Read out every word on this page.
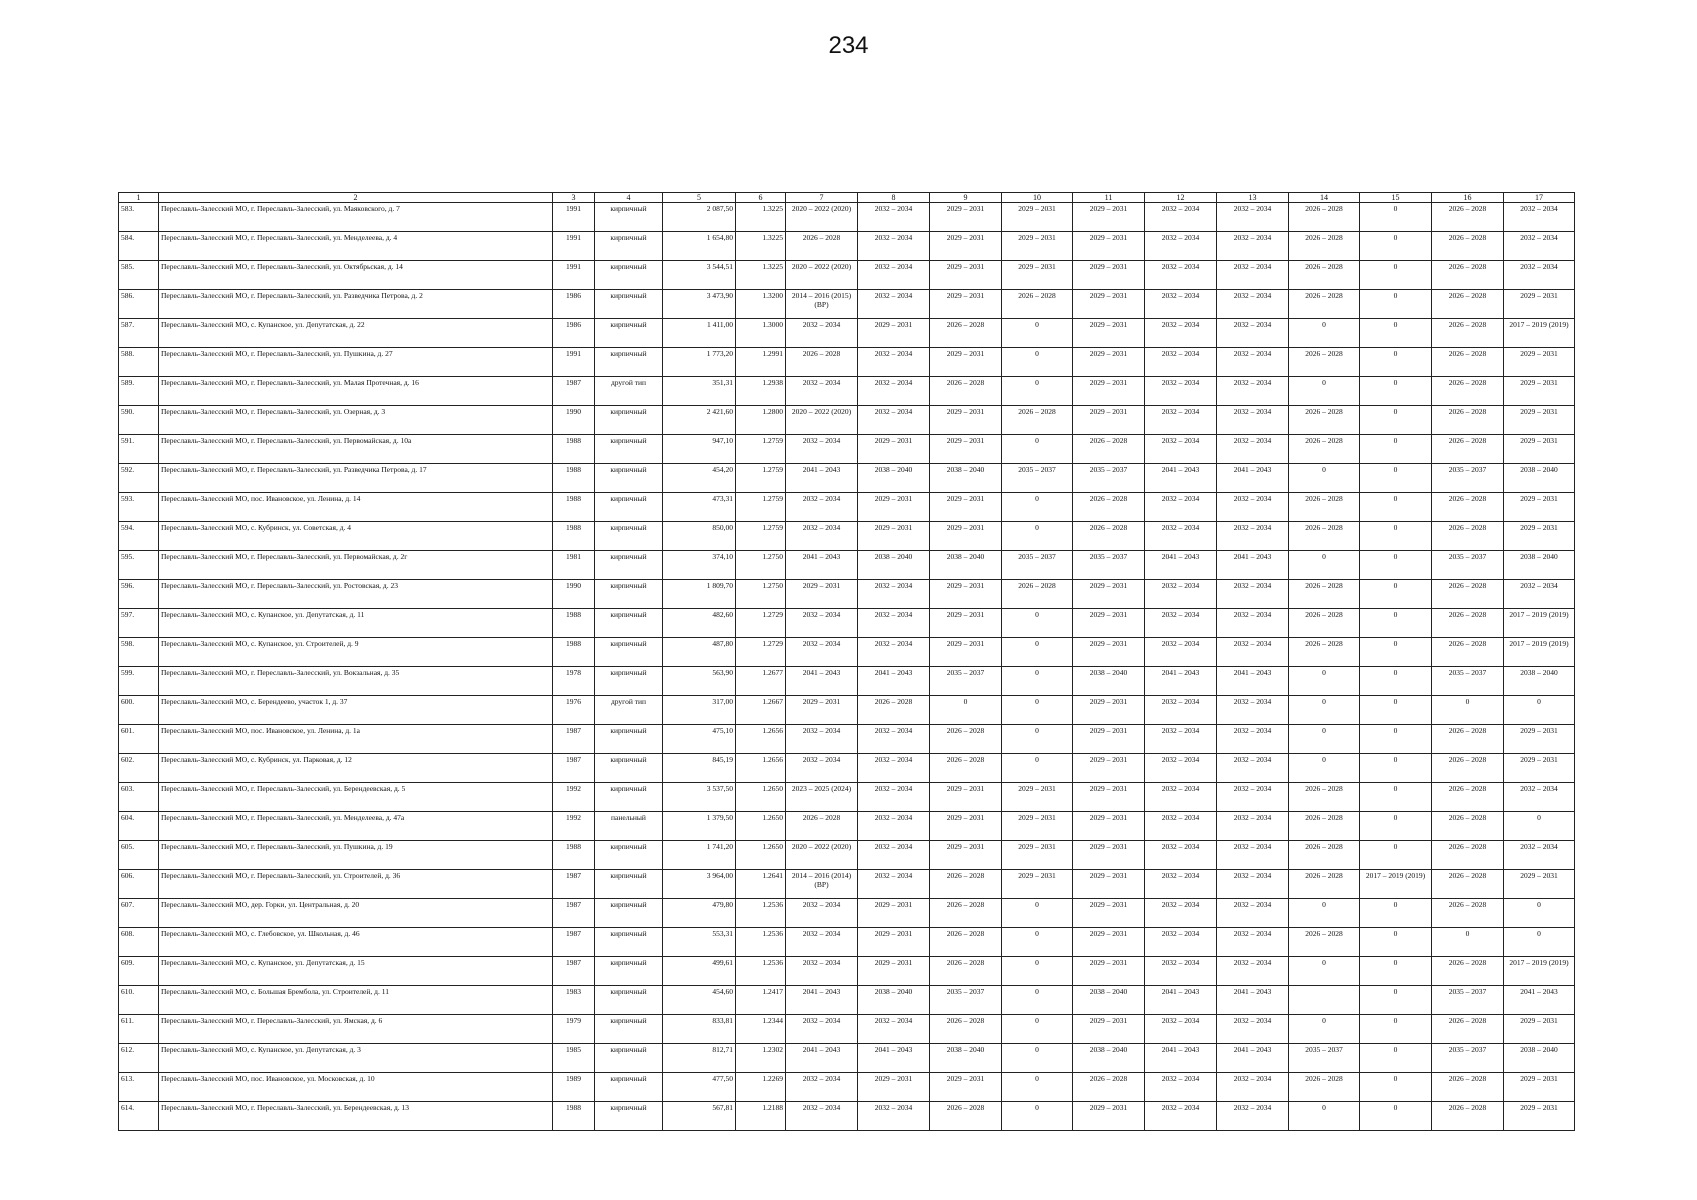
234
1	2	3	4	5	6	7	8	9	10	11	12	13	14	15	16	17
583.	Переславль-Залесский МО, г. Переславль-Залесский, ул. Маяковского, д. 7	1991	кирпичный	2 087,50	1.3225	2020 – 2022 (2020)	2032 – 2034	2029 – 2031	2029 – 2031	2029 – 2031	2032 – 2034	2032 – 2034	2026 – 2028	0	2026 – 2028	2032 – 2034
584.	Переславль-Залесский МО, г. Переславль-Залесский, ул. Менделеева, д. 4	1991	кирпичный	1 654,80	1.3225	2026 – 2028	2032 – 2034	2029 – 2031	2029 – 2031	2029 – 2031	2032 – 2034	2032 – 2034	2026 – 2028	0	2026 – 2028	2032 – 2034
585.	Переславль-Залесский МО, г. Переславль-Залесский, ул. Октябрьская, д. 14	1991	кирпичный	3 544,51	1.3225	2020 – 2022 (2020)	2032 – 2034	2029 – 2031	2029 – 2031	2029 – 2031	2032 – 2034	2032 – 2034	2026 – 2028	0	2026 – 2028	2032 – 2034
586.	Переславль-Залесский МО, г. Переславль-Залесский, ул. Разведчика Петрова, д. 2	1986	кирпичный	3 473,90	1.3200	2014 – 2016 (2015) (ВР)	2032 – 2034	2029 – 2031	2026 – 2028	2029 – 2031	2032 – 2034	2032 – 2034	2026 – 2028	0	2026 – 2028	2029 – 2031
587.	Переславль-Залесский МО, с. Купанское, ул. Депутатская, д. 22	1986	кирпичный	1 411,00	1.3000	2032 – 2034	2029 – 2031	2026 – 2028	0	2029 – 2031	2032 – 2034	2032 – 2034	0	0	2026 – 2028	2017 – 2019 (2019)
588.	Переславль-Залесский МО, г. Переславль-Залесский, ул. Пушкина, д. 27	1991	кирпичный	1 773,20	1.2991	2026 – 2028	2032 – 2034	2029 – 2031	0	2029 – 2031	2032 – 2034	2032 – 2034	2026 – 2028	0	2026 – 2028	2029 – 2031
589.	Переславль-Залесский МО, г. Переславль-Залесский, ул. Малая Протечная, д. 16	1987	другой тип	351,31	1.2938	2032 – 2034	2032 – 2034	2026 – 2028	0	2029 – 2031	2032 – 2034	2032 – 2034	0	0	2026 – 2028	2029 – 2031
590.	Переславль-Залесский МО, г. Переславль-Залесский, ул. Озерная, д. 3	1990	кирпичный	2 421,60	1.2800	2020 – 2022 (2020)	2032 – 2034	2029 – 2031	2026 – 2028	2029 – 2031	2032 – 2034	2032 – 2034	2026 – 2028	0	2026 – 2028	2029 – 2031
591.	Переславль-Залесский МО, г. Переславль-Залесский, ул. Первомайская, д. 10а	1988	кирпичный	947,10	1.2759	2032 – 2034	2029 – 2031	2029 – 2031	0	2026 – 2028	2032 – 2034	2032 – 2034	2026 – 2028	0	2026 – 2028	2029 – 2031
592.	Переславль-Залесский МО, г. Переславль-Залесский, ул. Разведчика Петрова, д. 17	1988	кирпичный	454,20	1.2759	2041 – 2043	2038 – 2040	2038 – 2040	2035 – 2037	2035 – 2037	2041 – 2043	2041 – 2043	0	0	2035 – 2037	2038 – 2040
593.	Переславль-Залесский МО, пос. Ивановское, ул. Ленина, д. 14	1988	кирпичный	473,31	1.2759	2032 – 2034	2029 – 2031	2029 – 2031	0	2026 – 2028	2032 – 2034	2032 – 2034	2026 – 2028	0	2026 – 2028	2029 – 2031
594.	Переславль-Залесский МО, с. Кубринск, ул. Советская, д. 4	1988	кирпичный	850,00	1.2759	2032 – 2034	2029 – 2031	2029 – 2031	0	2026 – 2028	2032 – 2034	2032 – 2034	2026 – 2028	0	2026 – 2028	2029 – 2031
595.	Переславль-Залесский МО, г. Переславль-Залесский, ул. Первомайская, д. 2г	1981	кирпичный	374,10	1.2750	2041 – 2043	2038 – 2040	2038 – 2040	2035 – 2037	2035 – 2037	2041 – 2043	2041 – 2043	0	0	2035 – 2037	2038 – 2040
596.	Переславль-Залесский МО, г. Переславль-Залесский, ул. Ростовская, д. 23	1990	кирпичный	1 809,70	1.2750	2029 – 2031	2032 – 2034	2029 – 2031	2026 – 2028	2029 – 2031	2032 – 2034	2032 – 2034	2026 – 2028	0	2026 – 2028	2032 – 2034
597.	Переславль-Залесский МО, с. Купанское, ул. Депутатская, д. 11	1988	кирпичный	482,60	1.2729	2032 – 2034	2032 – 2034	2029 – 2031	0	2029 – 2031	2032 – 2034	2032 – 2034	2026 – 2028	0	2026 – 2028	2017 – 2019 (2019)
598.	Переславль-Залесский МО, с. Купанское, ул. Строителей, д. 9	1988	кирпичный	487,80	1.2729	2032 – 2034	2032 – 2034	2029 – 2031	0	2029 – 2031	2032 – 2034	2032 – 2034	2026 – 2028	0	2026 – 2028	2017 – 2019 (2019)
599.	Переславль-Залесский МО, г. Переславль-Залесский, ул. Вокзальная, д. 35	1978	кирпичный	563,90	1.2677	2041 – 2043	2041 – 2043	2035 – 2037	0	2038 – 2040	2041 – 2043	2041 – 2043	0	0	2035 – 2037	2038 – 2040
600.	Переславль-Залесский МО, с. Берендеево, участок 1, д. 37	1976	другой тип	317,00	1.2667	2029 – 2031	2026 – 2028	0	0	2029 – 2031	2032 – 2034	2032 – 2034	0	0	0	0
601.	Переславль-Залесский МО, пос. Ивановское, ул. Ленина, д. 1а	1987	кирпичный	475,10	1.2656	2032 – 2034	2032 – 2034	2026 – 2028	0	2029 – 2031	2032 – 2034	2032 – 2034	0	0	2026 – 2028	2029 – 2031
602.	Переславль-Залесский МО, с. Кубринск, ул. Парковая, д. 12	1987	кирпичный	845,19	1.2656	2032 – 2034	2032 – 2034	2026 – 2028	0	2029 – 2031	2032 – 2034	2032 – 2034	0	0	2026 – 2028	2029 – 2031
603.	Переславль-Залесский МО, г. Переславль-Залесский, ул. Берендеевская, д. 5	1992	кирпичный	3 537,50	1.2650	2023 – 2025 (2024)	2032 – 2034	2029 – 2031	2029 – 2031	2029 – 2031	2032 – 2034	2032 – 2034	2026 – 2028	0	2026 – 2028	2032 – 2034
604.	Переславль-Залесский МО, г. Переславль-Залесский, ул. Менделеева, д. 47а	1992	панельный	1 379,50	1.2650	2026 – 2028	2032 – 2034	2029 – 2031	2029 – 2031	2029 – 2031	2032 – 2034	2032 – 2034	2026 – 2028	0	2026 – 2028	0
605.	Переславль-Залесский МО, г. Переславль-Залесский, ул. Пушкина, д. 19	1988	кирпичный	1 741,20	1.2650	2020 – 2022 (2020)	2032 – 2034	2029 – 2031	2029 – 2031	2029 – 2031	2032 – 2034	2032 – 2034	2026 – 2028	0	2026 – 2028	2032 – 2034
606.	Переславль-Залесский МО, г. Переславль-Залесский, ул. Строителей, д. 36	1987	кирпичный	3 964,00	1.2641	2014 – 2016 (2014) (ВР)	2032 – 2034	2026 – 2028	2029 – 2031	2029 – 2031	2032 – 2034	2032 – 2034	2026 – 2028	2017 – 2019 (2019)	2026 – 2028	2029 – 2031
607.	Переславль-Залесский МО, дер. Горки, ул. Центральная, д. 20	1987	кирпичный	479,80	1.2536	2032 – 2034	2029 – 2031	2026 – 2028	0	2029 – 2031	2032 – 2034	2032 – 2034	0	0	2026 – 2028	0
608.	Переславль-Залесский МО, с. Глебовское, ул. Школьная, д. 46	1987	кирпичный	553,31	1.2536	2032 – 2034	2029 – 2031	2026 – 2028	0	2029 – 2031	2032 – 2034	2032 – 2034	2026 – 2028	0	0	0
609.	Переславль-Залесский МО, с. Купанское, ул. Депутатская, д. 15	1987	кирпичный	499,61	1.2536	2032 – 2034	2029 – 2031	2026 – 2028	0	2029 – 2031	2032 – 2034	2032 – 2034	0	0	2026 – 2028	2017 – 2019 (2019)
610.	Переславль-Залесский МО, с. Большая Брембола, ул. Строителей, д. 11	1983	кирпичный	454,60	1.2417	2041 – 2043	2038 – 2040	2035 – 2037	0	2038 – 2040	2041 – 2043	2041 – 2043		0	2035 – 2037	2041 – 2043
611.	Переславль-Залесский МО, г. Переславль-Залесский, ул. Ямская, д. 6	1979	кирпичный	833,81	1.2344	2032 – 2034	2032 – 2034	2026 – 2028	0	2029 – 2031	2032 – 2034	2032 – 2034	0	0	2026 – 2028	2029 – 2031
612.	Переславль-Залесский МО, с. Купанское, ул. Депутатская, д. 3	1985	кирпичный	812,71	1.2302	2041 – 2043	2041 – 2043	2038 – 2040	0	2038 – 2040	2041 – 2043	2041 – 2043	2035 – 2037	0	2035 – 2037	2038 – 2040
613.	Переславль-Залесский МО, пос. Ивановское, ул. Московская, д. 10	1989	кирпичный	477,50	1.2269	2032 – 2034	2029 – 2031	2029 – 2031	0	2026 – 2028	2032 – 2034	2032 – 2034	2026 – 2028	0	2026 – 2028	2029 – 2031
614.	Переславль-Залесский МО, г. Переславль-Залесский, ул. Берендеевская, д. 13	1988	кирпичный	567,81	1.2188	2032 – 2034	2032 – 2034	2026 – 2028	0	2029 – 2031	2032 – 2034	2032 – 2034	0	0	2026 – 2028	2029 – 2031
